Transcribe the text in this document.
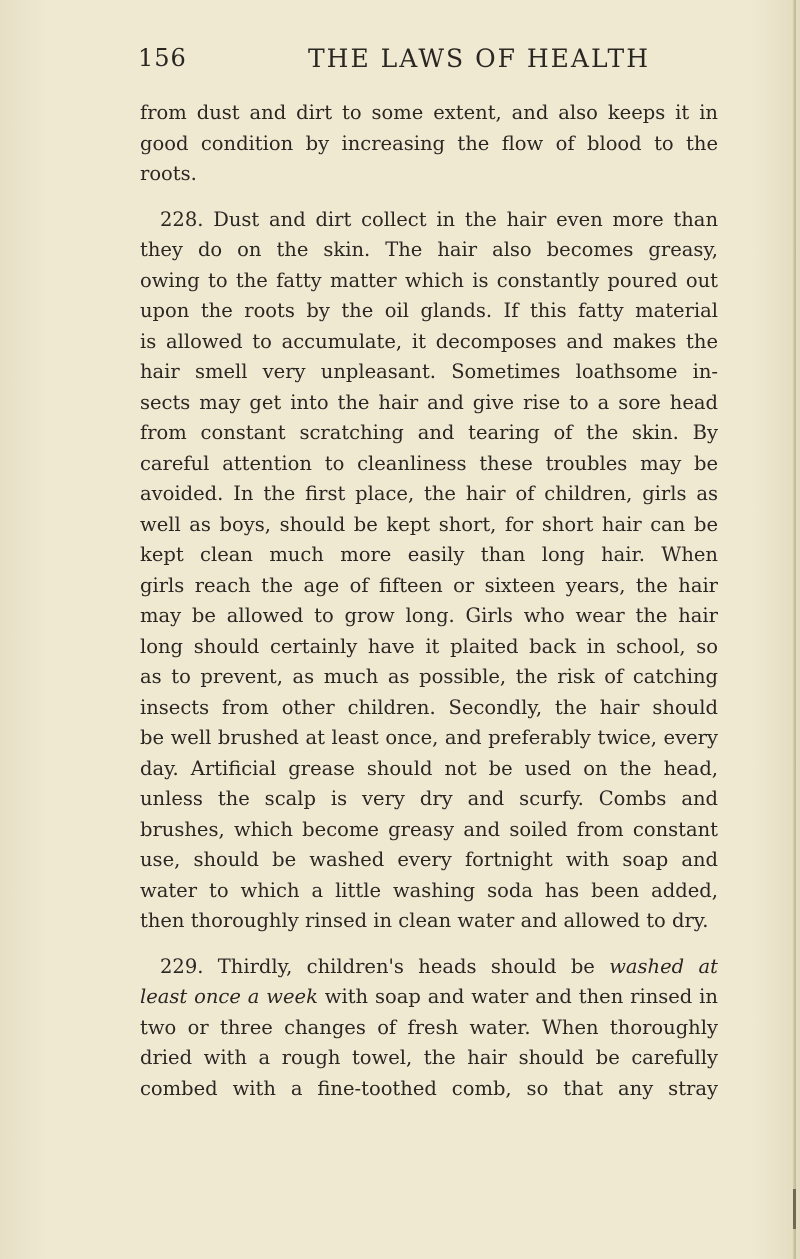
156	THE LAWS OF HEALTH
from dust and dirt to some extent, and also keeps it in
good condition by increasing the flow of blood to the
roots.
228. Dust and dirt collect in the hair even more than
they do on the skin. The hair also becomes greasy,
owing to the fatty matter which is constantly poured out
upon the roots by the oil glands. If this fatty material
is allowed to accumulate, it decomposes and makes the
hair smell very unpleasant. Sometimes loathsome in-
sects may get into the hair and give rise to a sore head
from constant scratching and tearing of the skin. By
careful attention to cleanliness these troubles may be
avoided. In the first place, the hair of children, girls as
well as boys, should be kept short, for short hair can be
kept clean much more easily than long hair. When
girls reach the age of fifteen or sixteen years, the hair
may be allowed to grow long. Girls who wear the hair
long should certainly have it plaited back in school, so
as to prevent, as much as possible, the risk of catching
insects from other children. Secondly, the hair should
be well brushed at least once, and preferably twice, every
day. Artificial grease should not be used on the head,
unless the scalp is very dry and scurfy. Combs and
brushes, which become greasy and soiled from constant
use, should be washed every fortnight with soap and
water to which a little washing soda has been added,
then thoroughly rinsed in clean water and allowed to dry.
229. Thirdly, children's heads should be washed at
least once a week with soap and water and then rinsed in
two or three changes of fresh water. When thoroughly
dried with a rough towel, the hair should be carefully
combed with a fine-toothed comb, so that any stray
